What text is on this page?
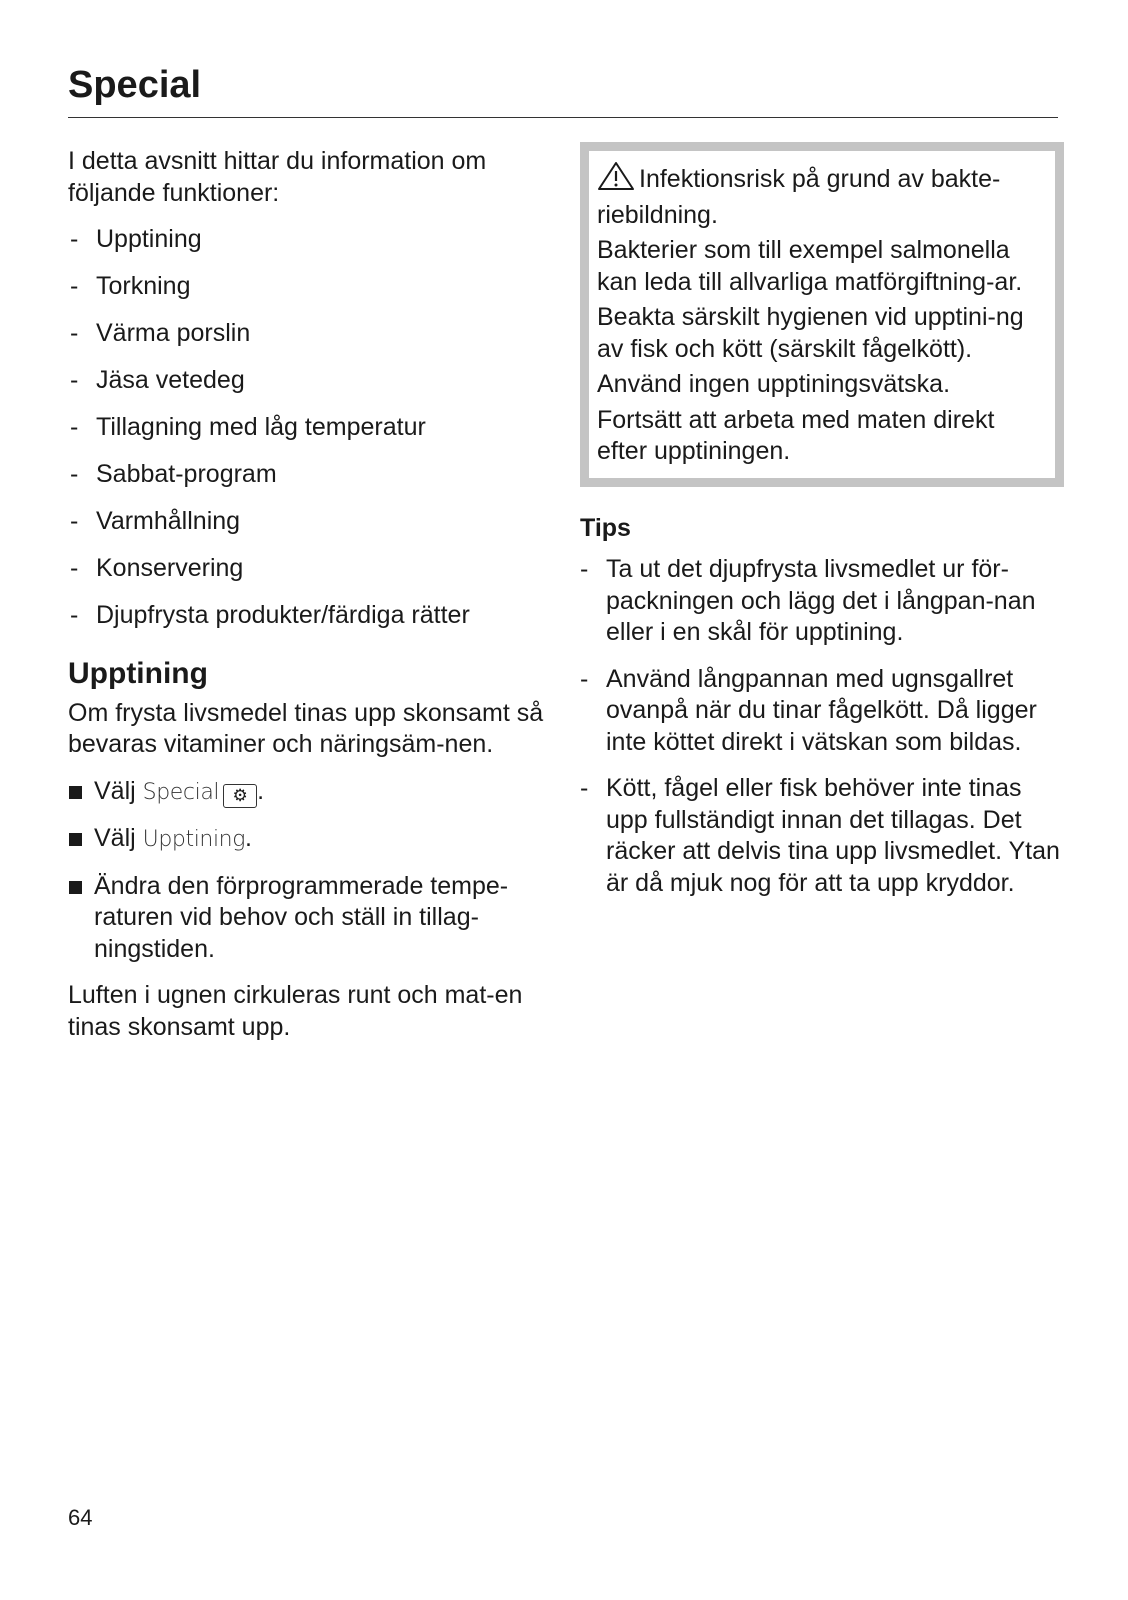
Special

I detta avsnitt hittar du information om följande funktioner:

- Upptining
- Torkning
- Värma porslin
- Jäsa vetedeg
- Tillagning med låg temperatur
- Sabbat-program
- Varmhållning
- Konservering
- Djupfrysta produkter/färdiga rätter
Upptining

Om frysta livsmedel tinas upp skonsamt så bevaras vitaminer och näringsäm-nen.

Välj Special ⚙ .
Välj Upptining.
Ändra den förprogrammerade tempe-raturen vid behov och ställ in tillag-ningstiden.

Luften i ugnen cirkuleras runt och mat-en tinas skonsamt upp.

Infektionsrisk på grund av bakte-riebildning.

Bakterier som till exempel salmonella kan leda till allvarliga matförgiftning-ar.

Beakta särskilt hygienen vid upptini-ng av fisk och kött (särskilt fågelkött).

Använd ingen upptiningsvätska.

Fortsätt att arbeta med maten direkt efter upptiningen.

Tips

- Ta ut det djupfrysta livsmedlet ur för-packningen och lägg det i långpan-nan eller i en skål för upptining.
- Använd långpannan med ugnsgallret ovanpå när du tinar fågelkött. Då ligger inte köttet direkt i vätskan som bildas.
- Kött, fågel eller fisk behöver inte tinas upp fullständigt innan det tillagas. Det räcker att delvis tina upp livsmedlet. Ytan är då mjuk nog för att ta upp kryddor.
64
